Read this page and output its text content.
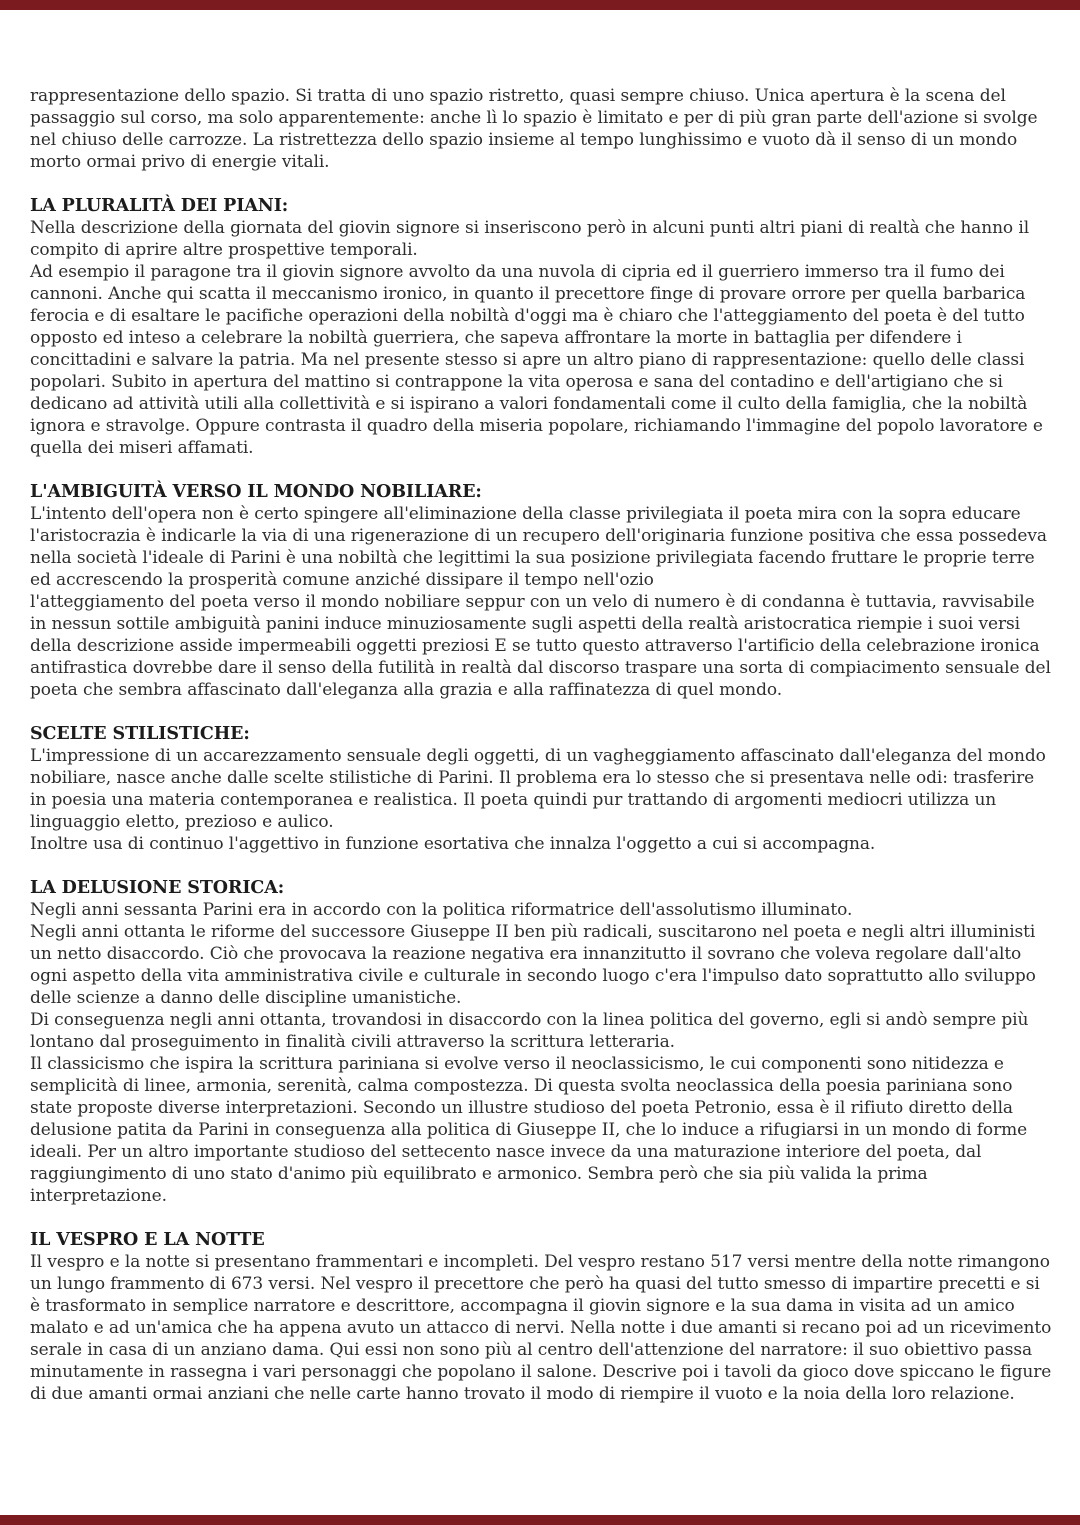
rappresentazione dello spazio. Si tratta di uno spazio ristretto, quasi sempre chiuso. Unica apertura è la scena del passaggio sul corso, ma solo apparentemente: anche lì lo spazio è limitato e per di più gran parte dell'azione si svolge nel chiuso delle carrozze. La ristrettezza dello spazio insieme al tempo lunghissimo e vuoto dà il senso di un mondo morto ormai privo di energie vitali.

LA PLURALITÀ DEI PIANI:

Nella descrizione della giornata del giovin signore si inseriscono però in alcuni punti altri piani di realtà che hanno il compito di aprire altre prospettive temporali.

Ad esempio il paragone tra il giovin signore avvolto da una nuvola di cipria ed il guerriero immerso tra il fumo dei cannoni. Anche qui scatta il meccanismo ironico, in quanto il precettore finge di provare orrore per quella barbarica ferocia e di esaltare le pacifiche operazioni della nobiltà d'oggi ma è chiaro che l'atteggiamento del poeta è del tutto opposto ed inteso a celebrare la nobiltà guerriera, che sapeva affrontare la morte in battaglia per difendere i concittadini e salvare la patria. Ma nel presente stesso si apre un altro piano di rappresentazione: quello delle classi popolari. Subito in apertura del mattino si contrappone la vita operosa e sana del contadino e dell'artigiano che si dedicano ad attività utili alla collettività e si ispirano a valori fondamentali come il culto della famiglia, che la nobiltà ignora e stravolge. Oppure contrasta il quadro della miseria popolare, richiamando l'immagine del popolo lavoratore e quella dei miseri affamati.

L'AMBIGUITÀ VERSO IL MONDO NOBILIARE:

L'intento dell'opera non è certo spingere all'eliminazione della classe privilegiata il poeta mira con la sopra educare l'aristocrazia è indicarle la via di una rigenerazione di un recupero dell'originaria funzione positiva che essa possedeva nella società l'ideale di Parini è una nobiltà che legittimi la sua posizione privilegiata facendo fruttare le proprie terre ed accrescendo la prosperità comune anziché dissipare il tempo nell'ozio

l'atteggiamento del poeta verso il mondo nobiliare seppur con un velo di numero è di condanna è tuttavia, ravvisabile in nessun sottile ambiguità panini induce minuziosamente sugli aspetti della realtà aristocratica riempie i suoi versi della descrizione asside impermeabili oggetti preziosi E se tutto questo attraverso l'artificio della celebrazione ironica antifrastica dovrebbe dare il senso della futilità in realtà dal discorso traspare una sorta di compiacimento sensuale del poeta che sembra affascinato dall'eleganza alla grazia e alla raffinatezza di quel mondo.

SCELTE STILISTICHE:

L'impressione di un accarezzamento sensuale degli oggetti, di un vagheggiamento affascinato dall'eleganza del mondo nobiliare, nasce anche dalle scelte stilistiche di Parini. Il problema era lo stesso che si presentava nelle odi: trasferire in poesia una materia contemporanea e realistica. Il poeta quindi pur trattando di argomenti mediocri utilizza un linguaggio eletto, prezioso e aulico.

Inoltre usa di continuo l'aggettivo in funzione esortativa che innalza l'oggetto a cui si accompagna.

LA DELUSIONE STORICA:

Negli anni sessanta Parini era in accordo con la politica riformatrice dell'assolutismo illuminato.

Negli anni ottanta le riforme del successore Giuseppe II ben più radicali, suscitarono nel poeta e negli altri illuministi un netto disaccordo. Ciò che provocava la reazione negativa era innanzitutto il sovrano che voleva regolare dall'alto ogni aspetto della vita amministrativa civile e culturale in secondo luogo c'era l'impulso dato soprattutto allo sviluppo delle scienze a danno delle discipline umanistiche.

Di conseguenza negli anni ottanta, trovandosi in disaccordo con la linea politica del governo, egli si andò sempre più lontano dal proseguimento in finalità civili attraverso la scrittura letteraria.

Il classicismo che ispira la scrittura pariniana si evolve verso il neoclassicismo, le cui componenti sono nitidezza e semplicità di linee, armonia, serenità, calma compostezza. Di questa svolta neoclassica della poesia pariniana sono state proposte diverse interpretazioni. Secondo un illustre studioso del poeta Petronio, essa è il rifiuto diretto della delusione patita da Parini in conseguenza alla politica di Giuseppe II, che lo induce a rifugiarsi in un mondo di forme ideali. Per un altro importante studioso del settecento nasce invece da una maturazione interiore del poeta, dal raggiungimento di uno stato d'animo più equilibrato e armonico. Sembra però che sia più valida la prima interpretazione.

IL VESPRO E LA NOTTE

Il vespro e la notte si presentano frammentari e incompleti. Del vespro restano 517 versi mentre della notte rimangono un lungo frammento di 673 versi. Nel vespro il precettore che però ha quasi del tutto smesso di impartire precetti e si è trasformato in semplice narratore e descrittore, accompagna il giovin signore e la sua dama in visita ad un amico malato e ad un'amica che ha appena avuto un attacco di nervi. Nella notte i due amanti si recano poi ad un ricevimento serale in casa di un anziano dama. Qui essi non sono più al centro dell'attenzione del narratore: il suo obiettivo passa minutamente in rassegna i vari personaggi che popolano il salone. Descrive poi i tavoli da gioco dove spiccano le figure di due amanti ormai anziani che nelle carte hanno trovato il modo di riempire il vuoto e la noia della loro relazione.
